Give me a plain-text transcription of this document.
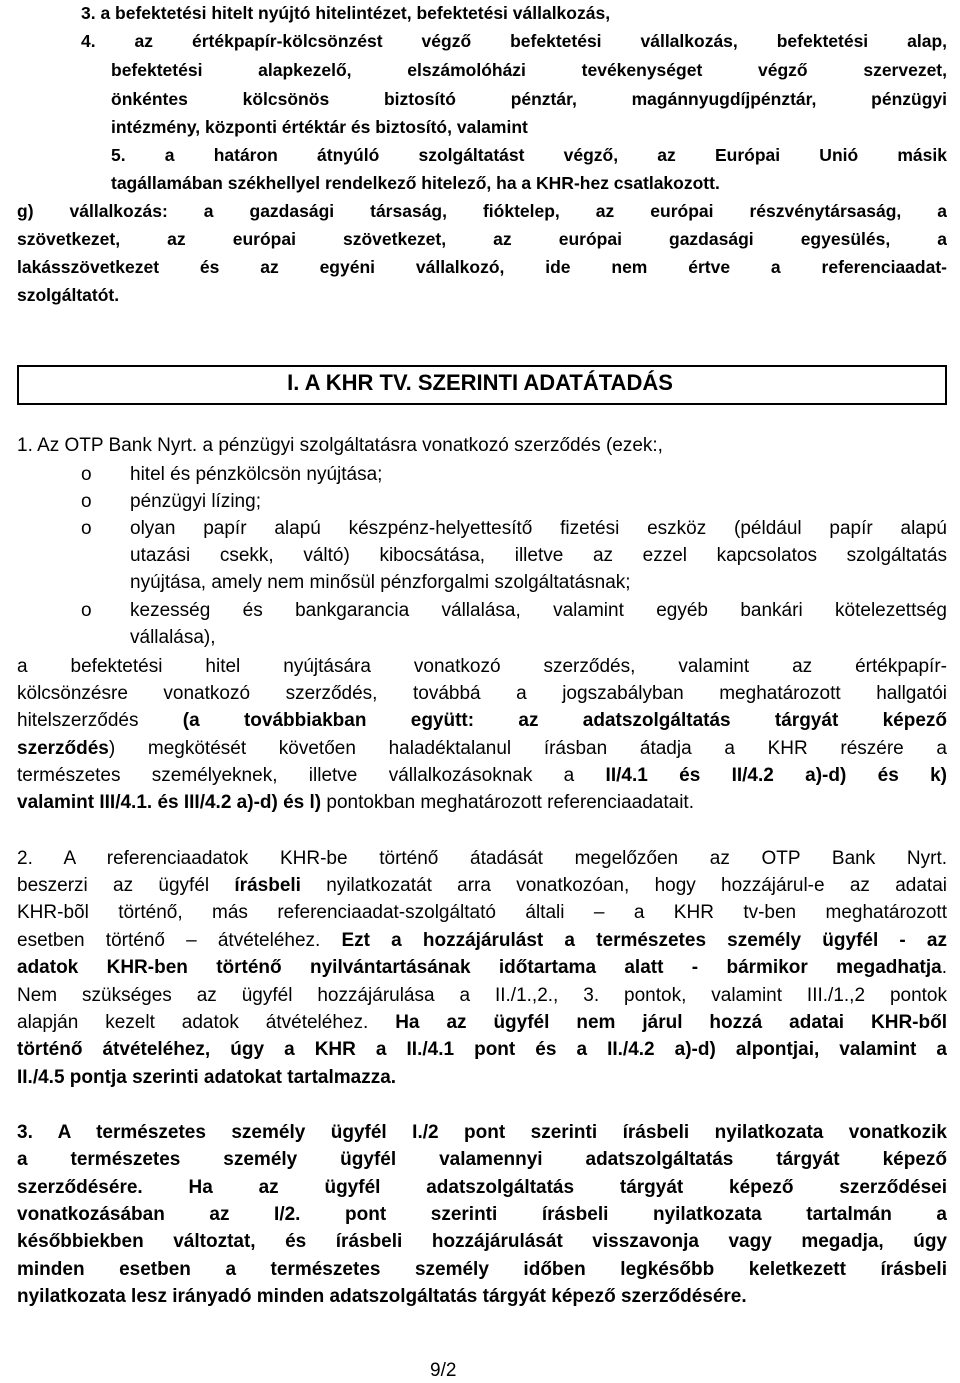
3. a befektetési hitelt nyújtó hitelintézet, befektetési vállalkozás,
4. az értékpapír-kölcsönzést végző befektetési vállalkozás, befektetési alap,
befektetési alapkezelő, elszámolóházi tevékenységet végző szervezet,
önkéntes kölcsönös biztosító pénztár, magánnyugdíjpénztár, pénzügyi
intézmény, központi értéktár és biztosító, valamint
5. a határon átnyúló szolgáltatást végző, az Európai Unió másik
tagállamában székhellyel rendelkező hitelező, ha a KHR-hez csatlakozott.
g) vállalkozás: a gazdasági társaság, fióktelep, az európai részvénytársaság, a
szövetkezet, az európai szövetkezet, az európai gazdasági egyesülés, a
lakásszövetkezet és az egyéni vállalkozó, ide nem értve a referenciaadat-
szolgáltatót.
I. A KHR TV. SZERINTI ADATÁTADÁS
1. Az OTP Bank Nyrt. a pénzügyi szolgáltatásra vonatkozó szerződés (ezek:,
o	hitel és pénzkölcsön nyújtása;
o	pénzügyi lízing;
o	olyan papír alapú készpénz-helyettesítő fizetési eszköz (például papír alapú
utazási csekk, váltó) kibocsátása, illetve az ezzel kapcsolatos szolgáltatás
nyújtása, amely nem minősül pénzforgalmi szolgáltatásnak;
o	kezesség és bankgarancia vállalása, valamint egyéb bankári kötelezettség
vállalása),
a befektetési hitel nyújtására vonatkozó szerződés, valamint az értékpapír-
kölcsönzésre vonatkozó szerződés, továbbá a jogszabályban meghatározott hallgatói
hitelszerződés (a továbbiakban együtt: az adatszolgáltatás tárgyát képező
szerződés) megkötését követően haladéktalanul írásban átadja a KHR részére a
természetes személyeknek, illetve vállalkozásoknak a II/4.1 és II/4.2 a)-d) és k)
valamint III/4.1. és III/4.2 a)-d) és l) pontokban meghatározott referenciaadatait.
2. A referenciaadatok KHR-be történő átadását megelőzően az OTP Bank Nyrt.
beszerzi az ügyfél írásbeli nyilatkozatát arra vonatkozóan, hogy hozzájárul-e az adatai
KHR-bõl történő, más referenciaadat-szolgáltató általi – a KHR tv-ben meghatározott
esetben történő – átvételéhez. Ezt a hozzájárulást a természetes személy ügyfél - az
adatok KHR-ben történő nyilvántartásának időtartama alatt - bármikor megadhatja.
Nem szükséges az ügyfél hozzájárulása a II./1.,2., 3. pontok, valamint III./1.,2 pontok
alapján kezelt adatok átvételéhez. Ha az ügyfél nem járul hozzá adatai KHR-ből
történő átvételéhez, úgy a KHR a II./4.1 pont és a II./4.2 a)-d) alpontjai, valamint a
II./4.5 pontja szerinti adatokat tartalmazza.
3. A természetes személy ügyfél I./2 pont szerinti írásbeli nyilatkozata vonatkozik
a természetes személy ügyfél valamennyi adatszolgáltatás tárgyát képező
szerződésére. Ha az ügyfél adatszolgáltatás tárgyát képező szerződései
vonatkozásában az I/2. pont szerinti írásbeli nyilatkozata tartalmán a
későbbiekben változtat, és írásbeli hozzájárulását visszavonja vagy megadja, úgy
minden esetben a természetes személy időben legkésőbb keletkezett írásbeli
nyilatkozata lesz irányadó minden adatszolgáltatás tárgyát képező szerződésére.
9/2
